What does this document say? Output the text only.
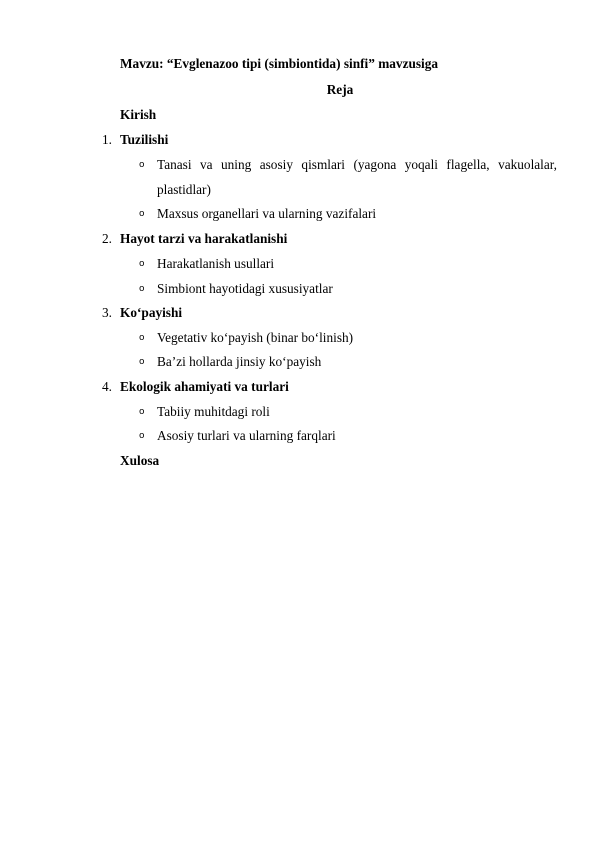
Mavzu: “Evglenazoo tipi (simbiontida) sinfi” mavzusiga
Reja
Kirish
1. Tuzilishi
o Tanasi va uning asosiy qismlari (yagona yoqali flagella, vakuolalar,
plastidlar)
o Maxsus organellari va ularning vazifalari
2. Hayot tarzi va harakatlanishi
o Harakatlanish usullari
o Simbiont hayotidagi xususiyatlar
3. Koʻpayishi
o Vegetativ koʻpayish (binar boʻlinish)
o Ba’zi hollarda jinsiy koʻpayish
4. Ekologik ahamiyati va turlari
o Tabiiy muhitdagi roli
o Asosiy turlari va ularning farqlari
Xulosa
